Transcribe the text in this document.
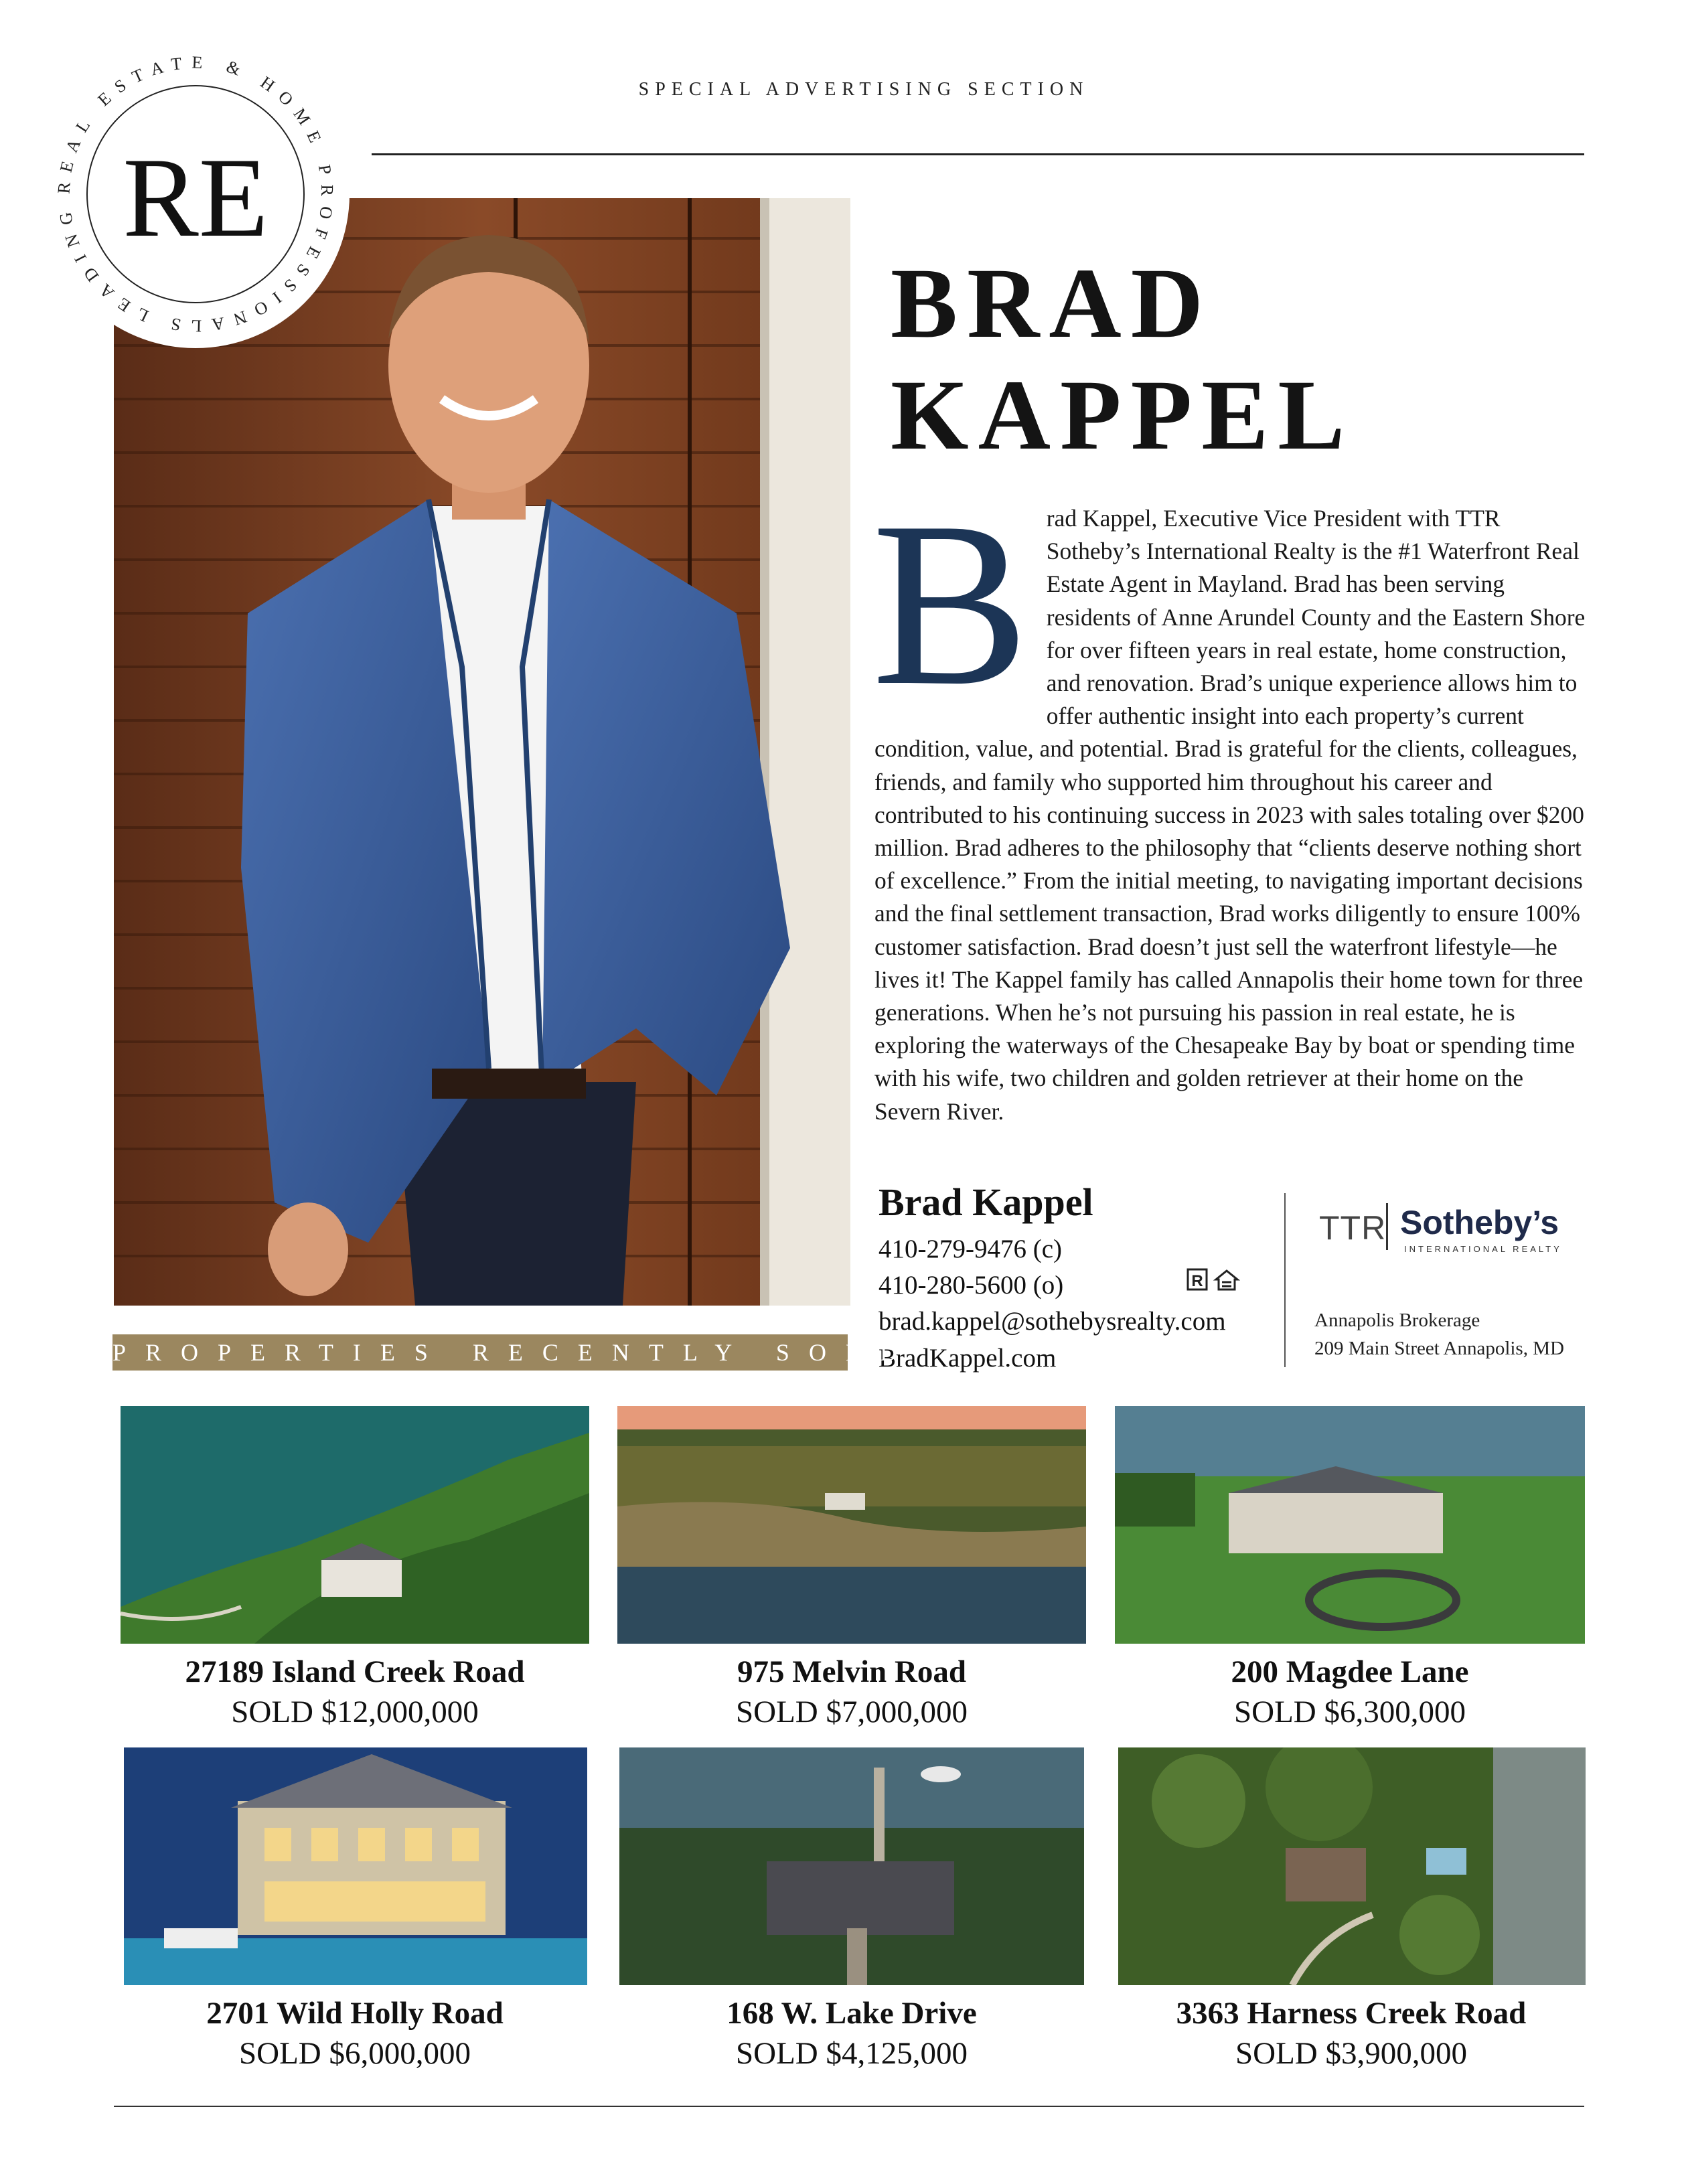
SPECIAL ADVERTISING SECTION
REAL ESTATE & HOME PROFESSIONALS LEADING RE
BRAD
KAPPEL
B rad Kappel, Executive Vice President with TTR Sotheby’s International Realty is the #1 Waterfront Real Estate Agent in Mayland. Brad has been serving residents of Anne Arundel County and the Eastern Shore for over fifteen years in real estate, home construction, and renovation. Brad’s unique experience allows him to offer authentic insight into each property’s current condition, value, and potential. Brad is grateful for the clients, colleagues, friends, and family who supported him throughout his career and contributed to his continuing success in 2023 with sales totaling over $200 million. Brad adheres to the philosophy that “clients deserve nothing short of excellence.” From the initial meeting, to navigating important decisions and the final settlement transaction, Brad works diligently to ensure 100% customer satisfaction. Brad doesn’t just sell the waterfront lifestyle—he lives it! The Kappel family has called Annapolis their home town for three generations. When he’s not pursuing his passion in real estate, he is exploring the waterways of the Chesapeake Bay by boat or spending time with his wife, two children and golden retriever at their home on the Severn River.
Brad Kappel
410-279-9476 (c)
410-280-5600 (o)
brad.kappel@sothebysrealty.com
BradKappel.com
R
TTR Sotheby’s
INTERNATIONAL REALTY
Annapolis Brokerage
209 Main Street Annapolis, MD
PROPERTIES RECENTLY SOLD
27189 Island Creek Road
SOLD $12,000,000
975 Melvin Road
SOLD $7,000,000
200 Magdee Lane
SOLD $6,300,000
2701 Wild Holly Road
SOLD $6,000,000
168 W. Lake Drive
SOLD $4,125,000
3363 Harness Creek Road
SOLD $3,900,000
